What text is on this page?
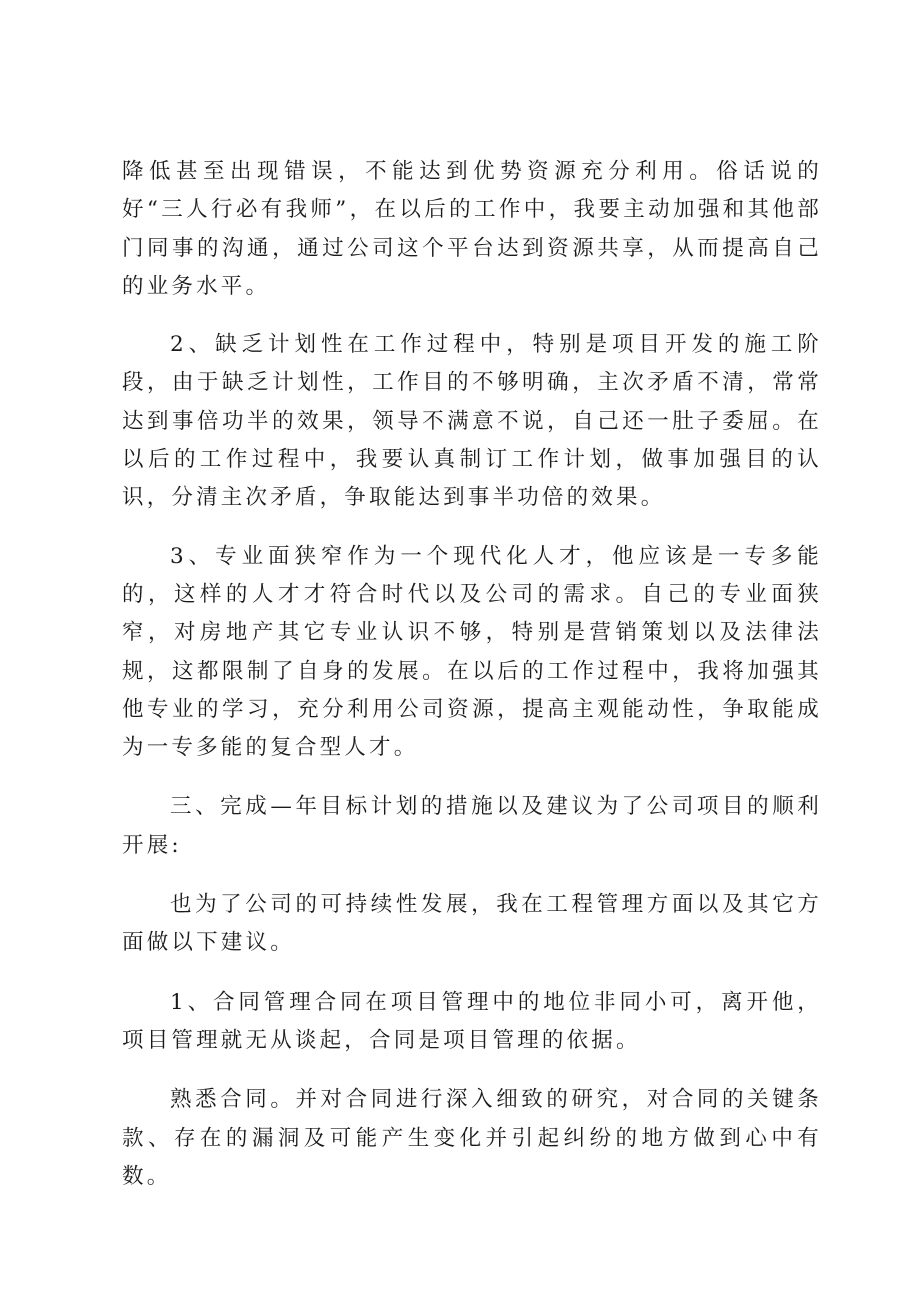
降低甚至出现错误，不能达到优势资源充分利用。俗话说的好“三人行必有我师”，在以后的工作中，我要主动加强和其他部门同事的沟通，通过公司这个平台达到资源共享，从而提高自己的业务水平。

2、缺乏计划性在工作过程中，特别是项目开发的施工阶段，由于缺乏计划性，工作目的不够明确，主次矛盾不清，常常达到事倍功半的效果，领导不满意不说，自己还一肚子委屈。在以后的工作过程中，我要认真制订工作计划，做事加强目的认识，分清主次矛盾，争取能达到事半功倍的效果。

3、专业面狭窄作为一个现代化人才，他应该是一专多能的，这样的人才才符合时代以及公司的需求。自己的专业面狭窄，对房地产其它专业认识不够，特别是营销策划以及法律法规，这都限制了自身的发展。在以后的工作过程中，我将加强其他专业的学习，充分利用公司资源，提高主观能动性，争取能成为一专多能的复合型人才。

三、完成—年目标计划的措施以及建议为了公司项目的顺利开展:

也为了公司的可持续性发展，我在工程管理方面以及其它方面做以下建议。

1、合同管理合同在项目管理中的地位非同小可，离开他，项目管理就无从谈起，合同是项目管理的依据。

熟悉合同。并对合同进行深入细致的研究，对合同的关键条款、存在的漏洞及可能产生变化并引起纠纷的地方做到心中有数。
